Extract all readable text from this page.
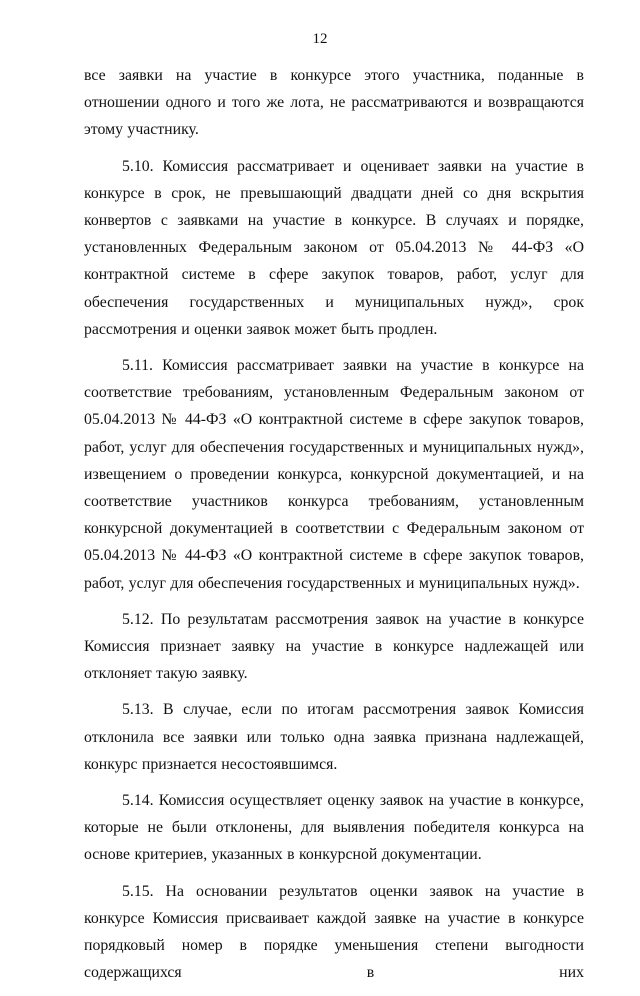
12

все заявки на участие в конкурсе этого участника, поданные в отношении одного и того же лота, не рассматриваются и возвращаются этому участнику.

5.10. Комиссия рассматривает и оценивает заявки на участие в конкурсе в срок, не превышающий двадцати дней со дня вскрытия конвертов с заявками на участие в конкурсе. В случаях и порядке, установленных Федеральным законом от 05.04.2013 № 44-ФЗ «О контрактной системе в сфере закупок товаров, работ, услуг для обеспечения государственных и муниципальных нужд», срок рассмотрения и оценки заявок может быть продлен.

5.11. Комиссия рассматривает заявки на участие в конкурсе на соответствие требованиям, установленным Федеральным законом от 05.04.2013 № 44-ФЗ «О контрактной системе в сфере закупок товаров, работ, услуг для обеспечения государственных и муниципальных нужд», извещением о проведении конкурса, конкурсной документацией, и на соответствие участников конкурса требованиям, установленным конкурсной документацией в соответствии с Федеральным законом от 05.04.2013 № 44-ФЗ «О контрактной системе в сфере закупок товаров, работ, услуг для обеспечения государственных и муниципальных нужд».

5.12. По результатам рассмотрения заявок на участие в конкурсе Комиссия признает заявку на участие в конкурсе надлежащей или отклоняет такую заявку.

5.13. В случае, если по итогам рассмотрения заявок Комиссия отклонила все заявки или только одна заявка признана надлежащей, конкурс признается несостоявшимся.

5.14. Комиссия осуществляет оценку заявок на участие в конкурсе, которые не были отклонены, для выявления победителя конкурса на основе критериев, указанных в конкурсной документации.

5.15. На основании результатов оценки заявок на участие в конкурсе Комиссия присваивает каждой заявке на участие в конкурсе порядковый номер в порядке уменьшения степени выгодности содержащихся в них
